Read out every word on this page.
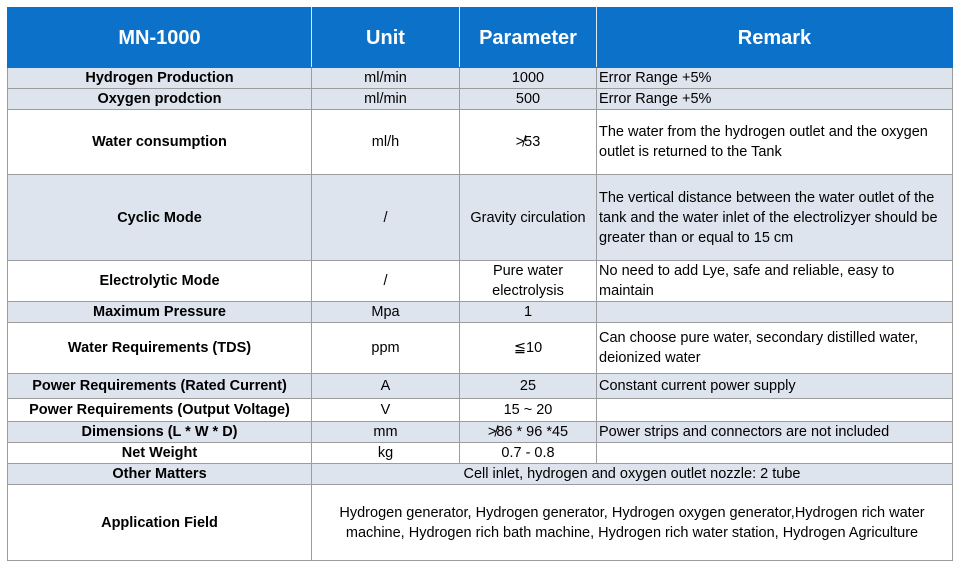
MN-1000	Unit	Parameter	Remark
Hydrogen Production	ml/min	1000	Error Range +5%
Oxygen prodction	ml/min	500	Error Range +5%
Water consumption	ml/h	≯53	The water from the hydrogen outlet and the oxygen outlet is returned to the Tank
Cyclic Mode	/	Gravity circulation	The vertical distance between the water outlet of the tank and the water inlet of the electrolizyer should be greater than or equal to 15 cm
Electrolytic Mode	/	Pure water electrolysis	No need to add Lye, safe and reliable, easy to maintain
Maximum Pressure	Mpa	1	
Water Requirements (TDS)	ppm	≦10	Can choose pure water, secondary distilled water, deionized water
Power Requirements (Rated Current)	A	25	Constant current power supply
Power Requirements (Output Voltage)	V	15 ~ 20	
Dimensions (L * W * D)	mm	≯86 * 96 *45	Power strips and connectors are not included
Net Weight	kg	0.7 - 0.8	
Other Matters	Cell inlet, hydrogen and oxygen outlet nozzle: 2 tube		
Application Field	Hydrogen generator, Hydrogen generator, Hydrogen oxygen generator,Hydrogen rich water machine, Hydrogen rich bath machine, Hydrogen rich water station, Hydrogen Agriculture		
